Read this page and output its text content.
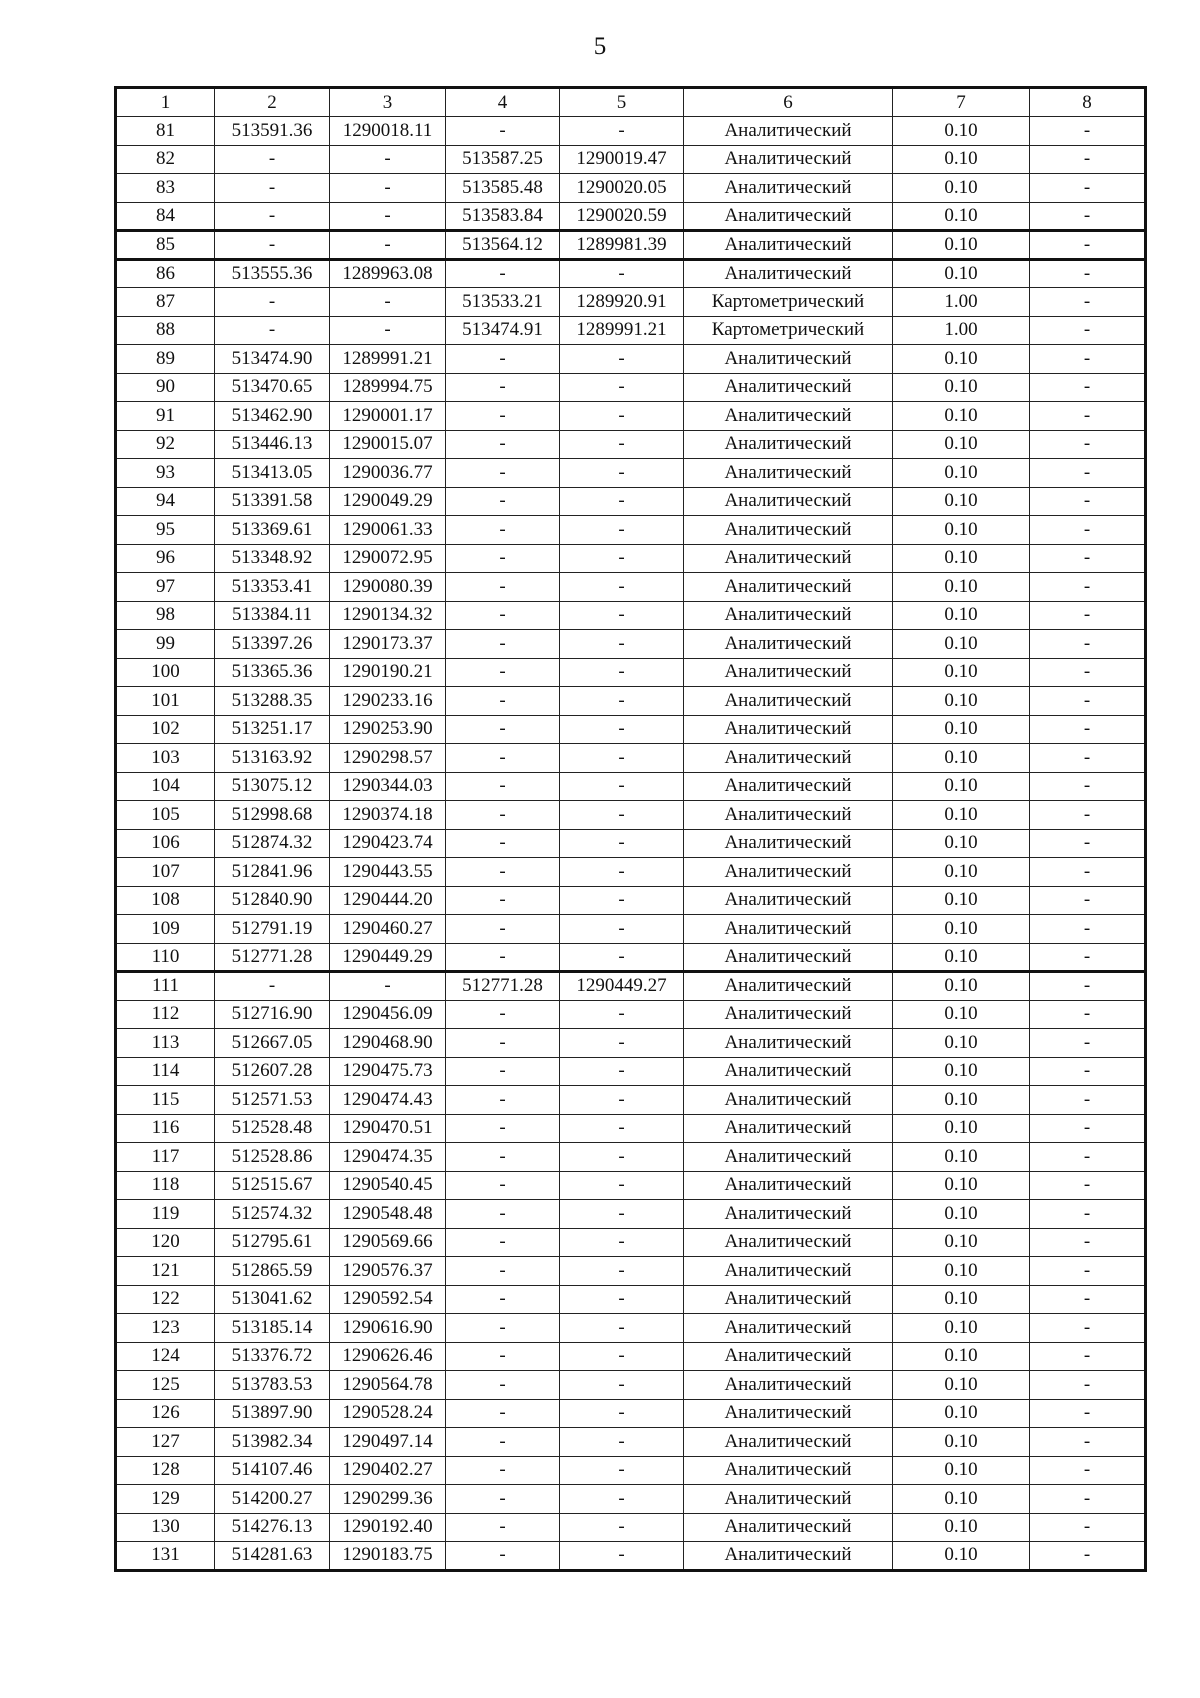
5
1	2	3	4	5	6	7	8
81	513591.36	1290018.11	-	-	Аналитический	0.10	-
82	-	-	513587.25	1290019.47	Аналитический	0.10	-
83	-	-	513585.48	1290020.05	Аналитический	0.10	-
84	-	-	513583.84	1290020.59	Аналитический	0.10	-
85	-	-	513564.12	1289981.39	Аналитический	0.10	-
86	513555.36	1289963.08	-	-	Аналитический	0.10	-
87	-	-	513533.21	1289920.91	Картометрический	1.00	-
88	-	-	513474.91	1289991.21	Картометрический	1.00	-
89	513474.90	1289991.21	-	-	Аналитический	0.10	-
90	513470.65	1289994.75	-	-	Аналитический	0.10	-
91	513462.90	1290001.17	-	-	Аналитический	0.10	-
92	513446.13	1290015.07	-	-	Аналитический	0.10	-
93	513413.05	1290036.77	-	-	Аналитический	0.10	-
94	513391.58	1290049.29	-	-	Аналитический	0.10	-
95	513369.61	1290061.33	-	-	Аналитический	0.10	-
96	513348.92	1290072.95	-	-	Аналитический	0.10	-
97	513353.41	1290080.39	-	-	Аналитический	0.10	-
98	513384.11	1290134.32	-	-	Аналитический	0.10	-
99	513397.26	1290173.37	-	-	Аналитический	0.10	-
100	513365.36	1290190.21	-	-	Аналитический	0.10	-
101	513288.35	1290233.16	-	-	Аналитический	0.10	-
102	513251.17	1290253.90	-	-	Аналитический	0.10	-
103	513163.92	1290298.57	-	-	Аналитический	0.10	-
104	513075.12	1290344.03	-	-	Аналитический	0.10	-
105	512998.68	1290374.18	-	-	Аналитический	0.10	-
106	512874.32	1290423.74	-	-	Аналитический	0.10	-
107	512841.96	1290443.55	-	-	Аналитический	0.10	-
108	512840.90	1290444.20	-	-	Аналитический	0.10	-
109	512791.19	1290460.27	-	-	Аналитический	0.10	-
110	512771.28	1290449.29	-	-	Аналитический	0.10	-
111	-	-	512771.28	1290449.27	Аналитический	0.10	-
112	512716.90	1290456.09	-	-	Аналитический	0.10	-
113	512667.05	1290468.90	-	-	Аналитический	0.10	-
114	512607.28	1290475.73	-	-	Аналитический	0.10	-
115	512571.53	1290474.43	-	-	Аналитический	0.10	-
116	512528.48	1290470.51	-	-	Аналитический	0.10	-
117	512528.86	1290474.35	-	-	Аналитический	0.10	-
118	512515.67	1290540.45	-	-	Аналитический	0.10	-
119	512574.32	1290548.48	-	-	Аналитический	0.10	-
120	512795.61	1290569.66	-	-	Аналитический	0.10	-
121	512865.59	1290576.37	-	-	Аналитический	0.10	-
122	513041.62	1290592.54	-	-	Аналитический	0.10	-
123	513185.14	1290616.90	-	-	Аналитический	0.10	-
124	513376.72	1290626.46	-	-	Аналитический	0.10	-
125	513783.53	1290564.78	-	-	Аналитический	0.10	-
126	513897.90	1290528.24	-	-	Аналитический	0.10	-
127	513982.34	1290497.14	-	-	Аналитический	0.10	-
128	514107.46	1290402.27	-	-	Аналитический	0.10	-
129	514200.27	1290299.36	-	-	Аналитический	0.10	-
130	514276.13	1290192.40	-	-	Аналитический	0.10	-
131	514281.63	1290183.75	-	-	Аналитический	0.10	-
